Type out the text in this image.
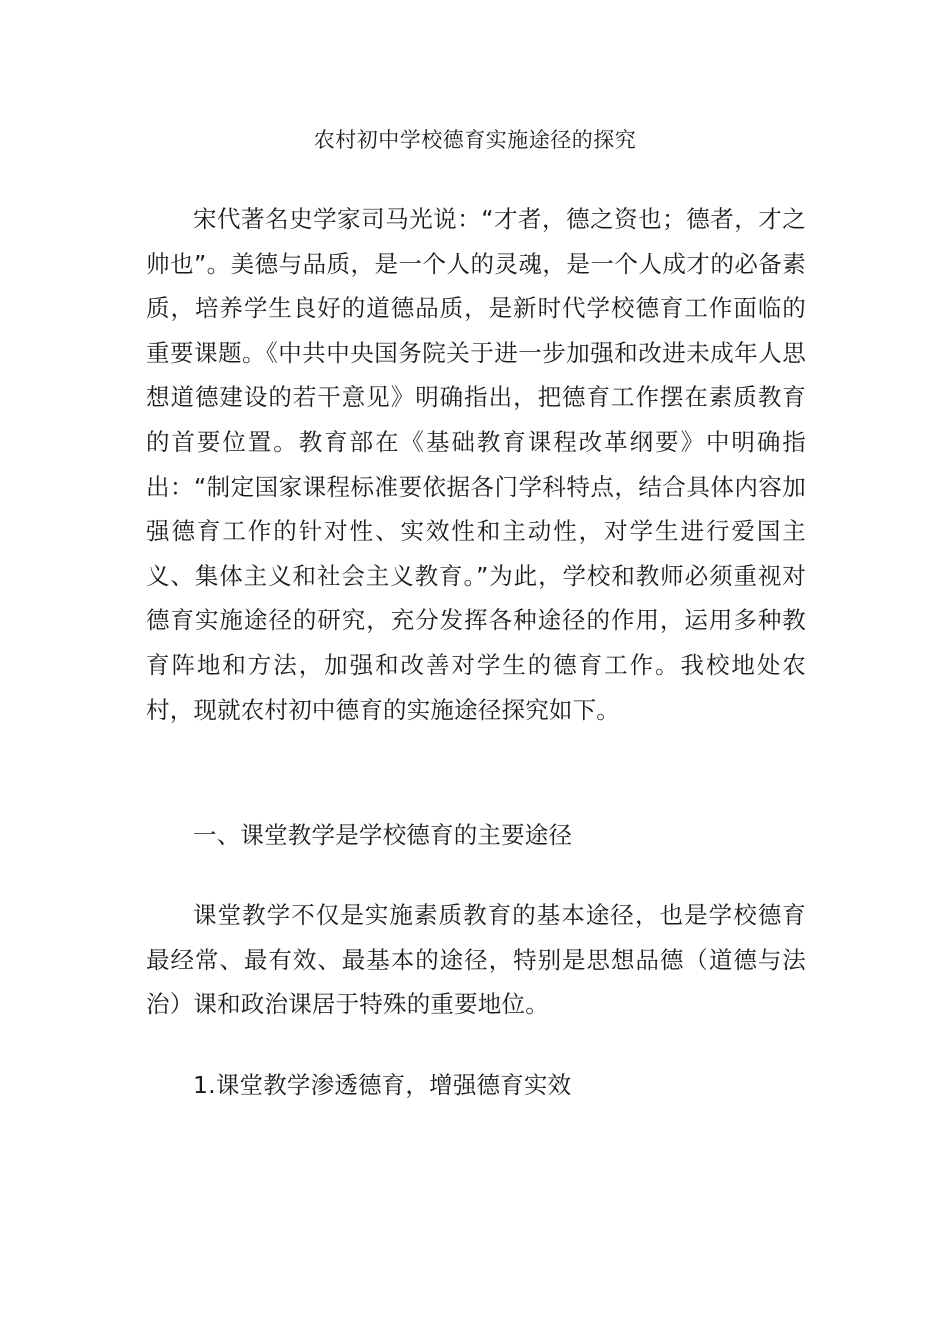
农村初中学校德育实施途径的探究

宋代著名史学家司马光说：“才者，德之资也；德者，才之帅也”。美德与品质，是一个人的灵魂，是一个人成才的必备素质，培养学生良好的道德品质，是新时代学校德育工作面临的重要课题。《中共中央国务院关于进一步加强和改进未成年人思想道德建设的若干意见》明确指出，把德育工作摆在素质教育的首要位置。教育部在《基础教育课程改革纲要》中明确指出：“制定国家课程标准要依据各门学科特点，结合具体内容加强德育工作的针对性、实效性和主动性，对学生进行爱国主义、集体主义和社会主义教育。”为此，学校和教师必须重视对德育实施途径的研究，充分发挥各种途径的作用，运用多种教育阵地和方法，加强和改善对学生的德育工作。我校地处农村，现就农村初中德育的实施途径探究如下。

一、课堂教学是学校德育的主要途径

课堂教学不仅是实施素质教育的基本途径，也是学校德育最经常、最有效、最基本的途径，特别是思想品德（道德与法治）课和政治课居于特殊的重要地位。

1.课堂教学渗透德育，增强德育实效
